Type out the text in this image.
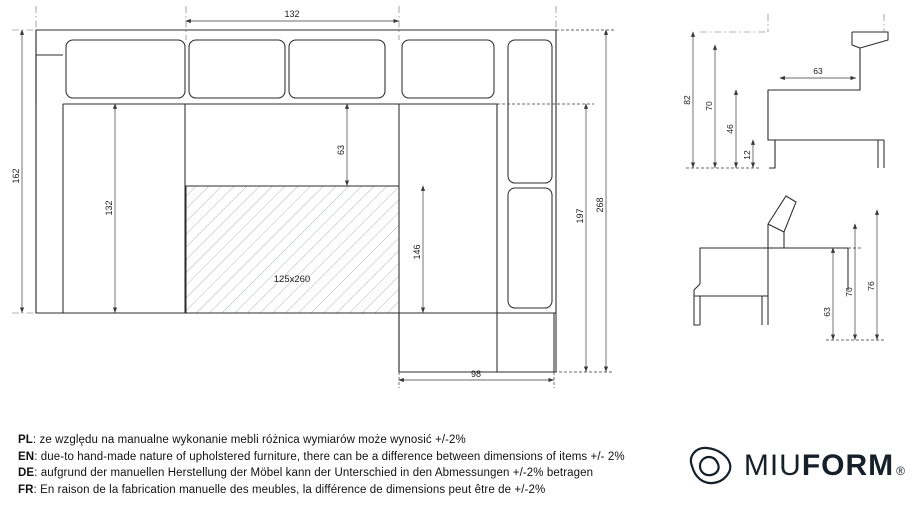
125x260
132
162
132
63
146
197
268
98
82
70
46
12
63
63
70
76
PL: ze względu na manualne wykonanie mebli różnica wymiarów może wynosić +/-2%
EN: due-to hand-made nature of upholstered furniture, there can be a difference between dimensions of items +/- 2%
DE: aufgrund der manuellen Herstellung der Möbel kann der Unterschied in den Abmessungen +/-2% betragen
FR: En raison de la fabrication manuelle des meubles, la différence de dimensions peut être de +/-2%
M IU FORM ®
